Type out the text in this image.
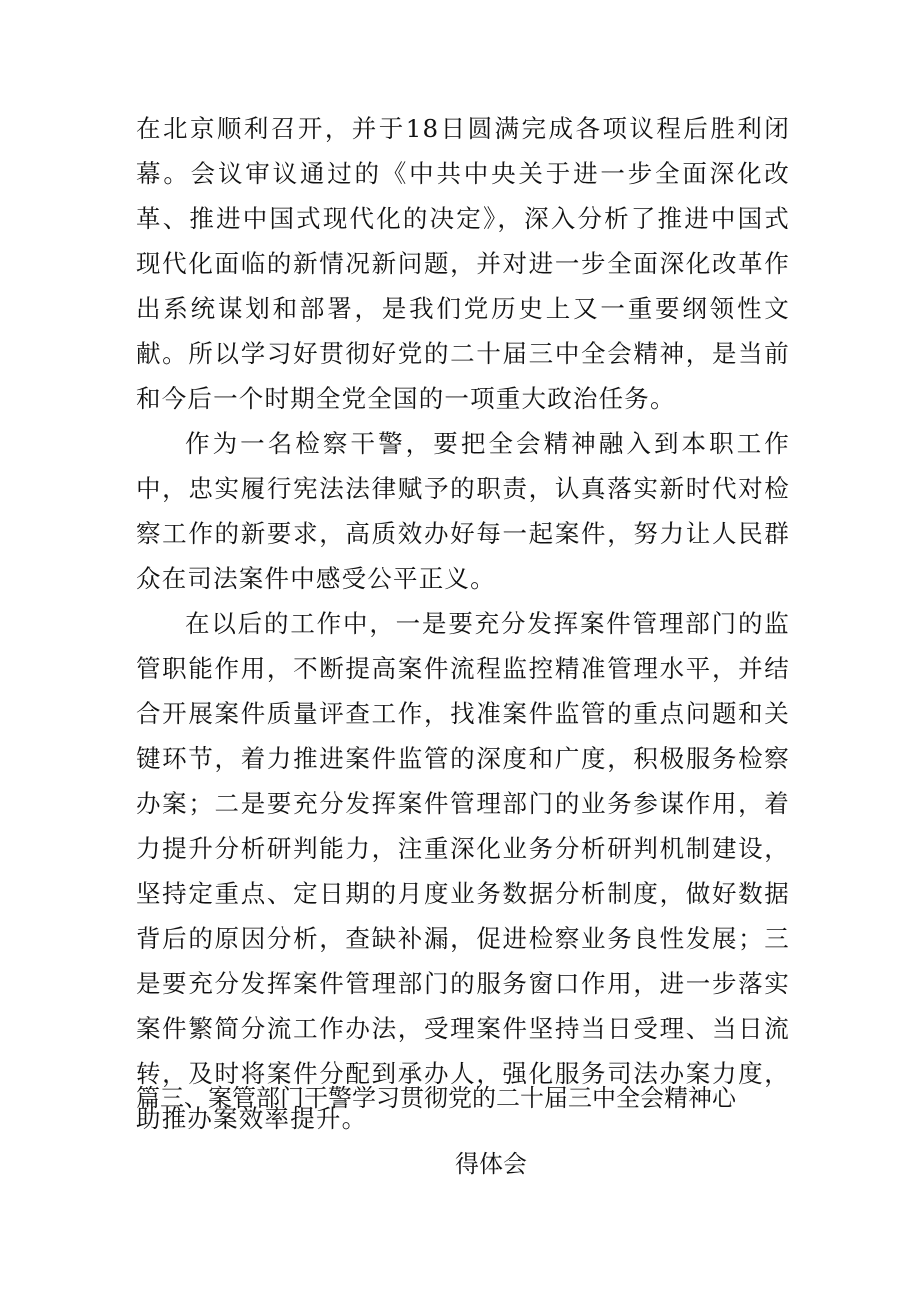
在北京顺利召开，并于18日圆满完成各项议程后胜利闭幕。会议审议通过的《中共中央关于进一步全面深化改革、推进中国式现代化的决定》，深入分析了推进中国式现代化面临的新情况新问题，并对进一步全面深化改革作出系统谋划和部署，是我们党历史上又一重要纲领性文献。所以学习好贯彻好党的二十届三中全会精神，是当前和今后一个时期全党全国的一项重大政治任务。

作为一名检察干警，要把全会精神融入到本职工作中，忠实履行宪法法律赋予的职责，认真落实新时代对检察工作的新要求，高质效办好每一起案件，努力让人民群众在司法案件中感受公平正义。

在以后的工作中，一是要充分发挥案件管理部门的监管职能作用，不断提高案件流程监控精准管理水平，并结合开展案件质量评查工作，找准案件监管的重点问题和关键环节，着力推进案件监管的深度和广度，积极服务检察办案；二是要充分发挥案件管理部门的业务参谋作用，着力提升分析研判能力，注重深化业务分析研判机制建设，坚持定重点、定日期的月度业务数据分析制度，做好数据背后的原因分析，查缺补漏，促进检察业务良性发展；三是要充分发挥案件管理部门的服务窗口作用，进一步落实案件繁简分流工作办法，受理案件坚持当日受理、当日流转，及时将案件分配到承办人，强化服务司法办案力度，助推办案效率提升。

篇三、案管部门干警学习贯彻党的二十届三中全会精神心
得体会
